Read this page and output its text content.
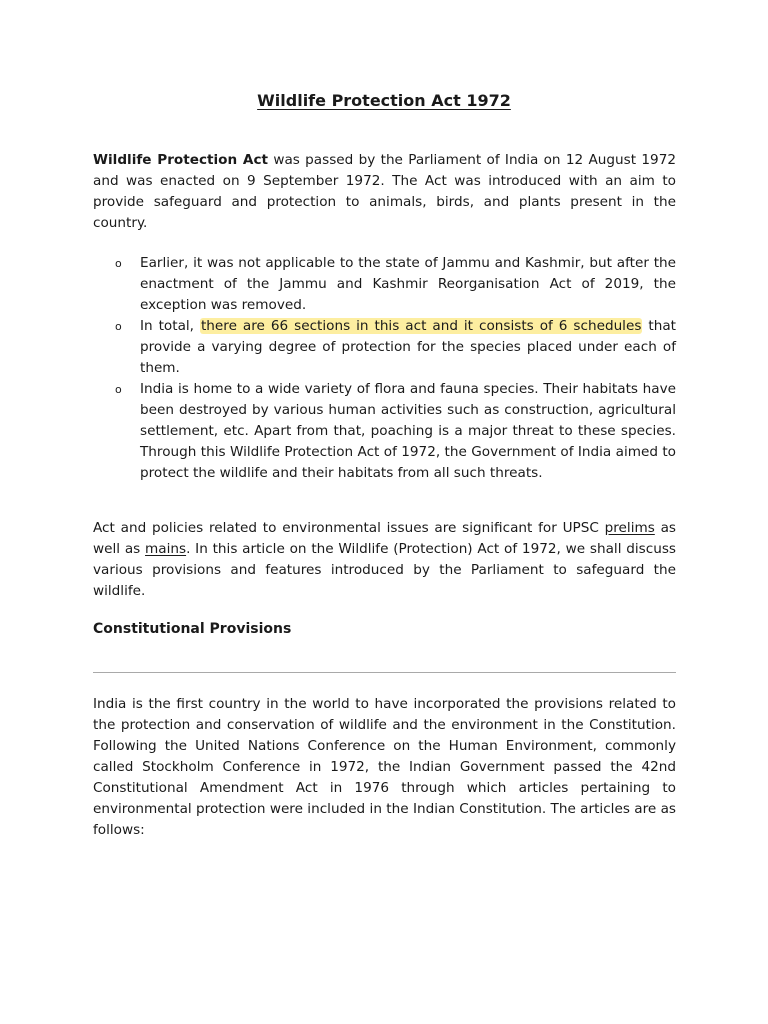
Wildlife Protection Act 1972

Wildlife Protection Act was passed by the Parliament of India on 12 August 1972 and was enacted on 9 September 1972. The Act was introduced with an aim to provide safeguard and protection to animals, birds, and plants present in the country.

o Earlier, it was not applicable to the state of Jammu and Kashmir, but after the enactment of the Jammu and Kashmir Reorganisation Act of 2019, the exception was removed.
o In total, there are 66 sections in this act and it consists of 6 schedules that provide a varying degree of protection for the species placed under each of them.
o India is home to a wide variety of flora and fauna species. Their habitats have been destroyed by various human activities such as construction, agricultural settlement, etc. Apart from that, poaching is a major threat to these species. Through this Wildlife Protection Act of 1972, the Government of India aimed to protect the wildlife and their habitats from all such threats.

Act and policies related to environmental issues are significant for UPSC prelims as well as mains. In this article on the Wildlife (Protection) Act of 1972, we shall discuss various provisions and features introduced by the Parliament to safeguard the wildlife.

Constitutional Provisions

India is the first country in the world to have incorporated the provisions related to the protection and conservation of wildlife and the environment in the Constitution. Following the United Nations Conference on the Human Environment, commonly called Stockholm Conference in 1972, the Indian Government passed the 42nd Constitutional Amendment Act in 1976 through which articles pertaining to environmental protection were included in the Indian Constitution. The articles are as follows:
